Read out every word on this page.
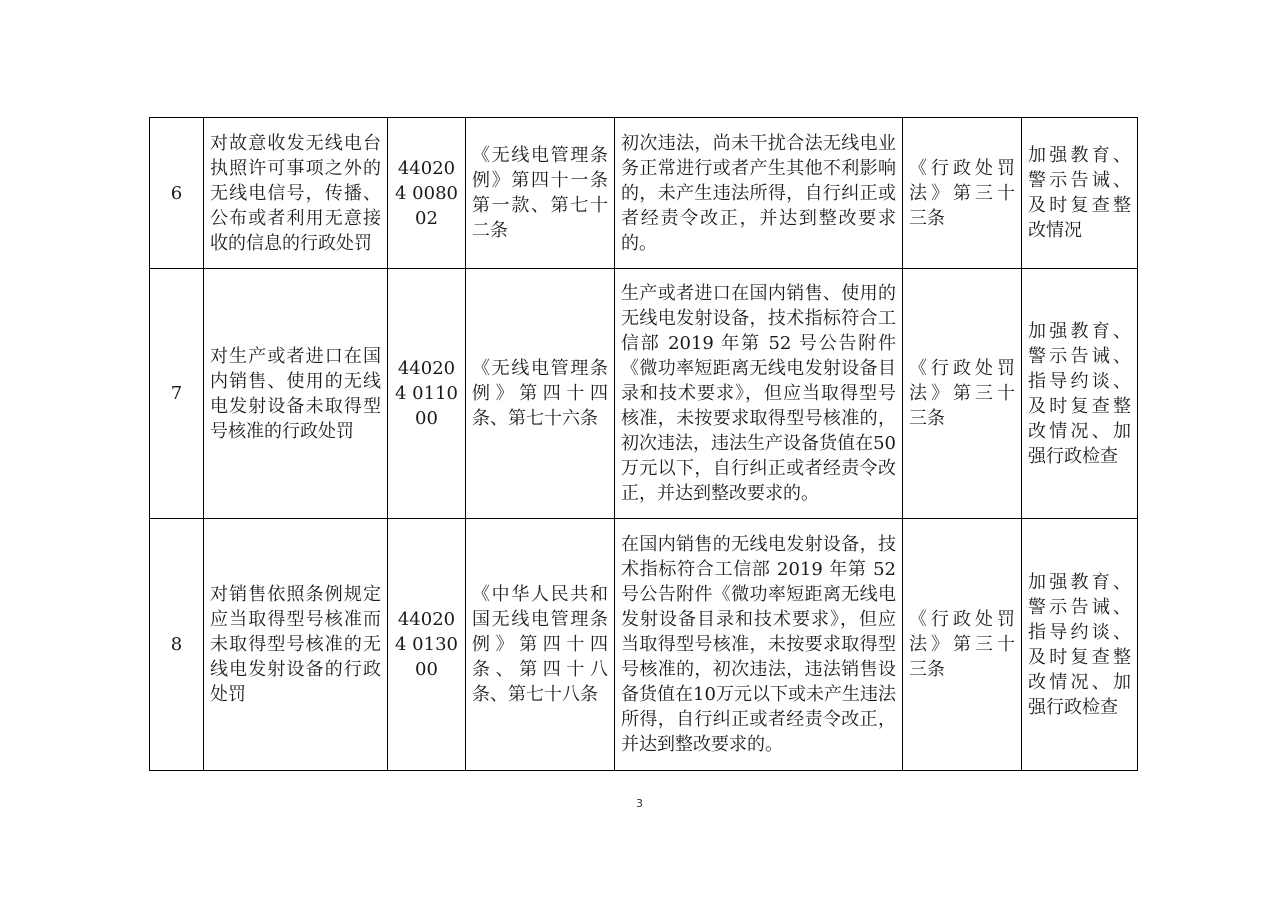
6	对故意收发无线电台执照许可事项之外的无线电信号，传播、公布或者利用无意接收的信息的行政处罚	440204 008002	《无线电管理条例》第四十一条第一款、第七十二条	初次违法，尚未干扰合法无线电业务正常进行或者产生其他不利影响的，未产生违法所得，自行纠正或者经责令改正，并达到整改要求的。	《行政处罚法》第三十三条	加强教育、警示告诫、及时复查整改情况
7	对生产或者进口在国内销售、使用的无线电发射设备未取得型号核准的行政处罚	440204 011000	《无线电管理条例》第四十四条、第七十六条	生产或者进口在国内销售、使用的无线电发射设备，技术指标符合工信部 2019 年第 52 号公告附件《微功率短距离无线电发射设备目录和技术要求》，但应当取得型号核准，未按要求取得型号核准的，初次违法，违法生产设备货值在50万元以下，自行纠正或者经责令改正，并达到整改要求的。	《行政处罚法》第三十三条	加强教育、警示告诫、指导约谈、及时复查整改情况、加强行政检查
8	对销售依照条例规定应当取得型号核准而未取得型号核准的无线电发射设备的行政处罚	440204 013000	《中华人民共和国无线电管理条例》第四十四条、第四十八条、第七十八条	在国内销售的无线电发射设备，技术指标符合工信部 2019 年第 52 号公告附件《微功率短距离无线电发射设备目录和技术要求》，但应当取得型号核准，未按要求取得型号核准的，初次违法，违法销售设备货值在10万元以下或未产生违法所得，自行纠正或者经责令改正，并达到整改要求的。	《行政处罚法》第三十三条	加强教育、警示告诫、指导约谈、及时复查整改情况、加强行政检查
3
